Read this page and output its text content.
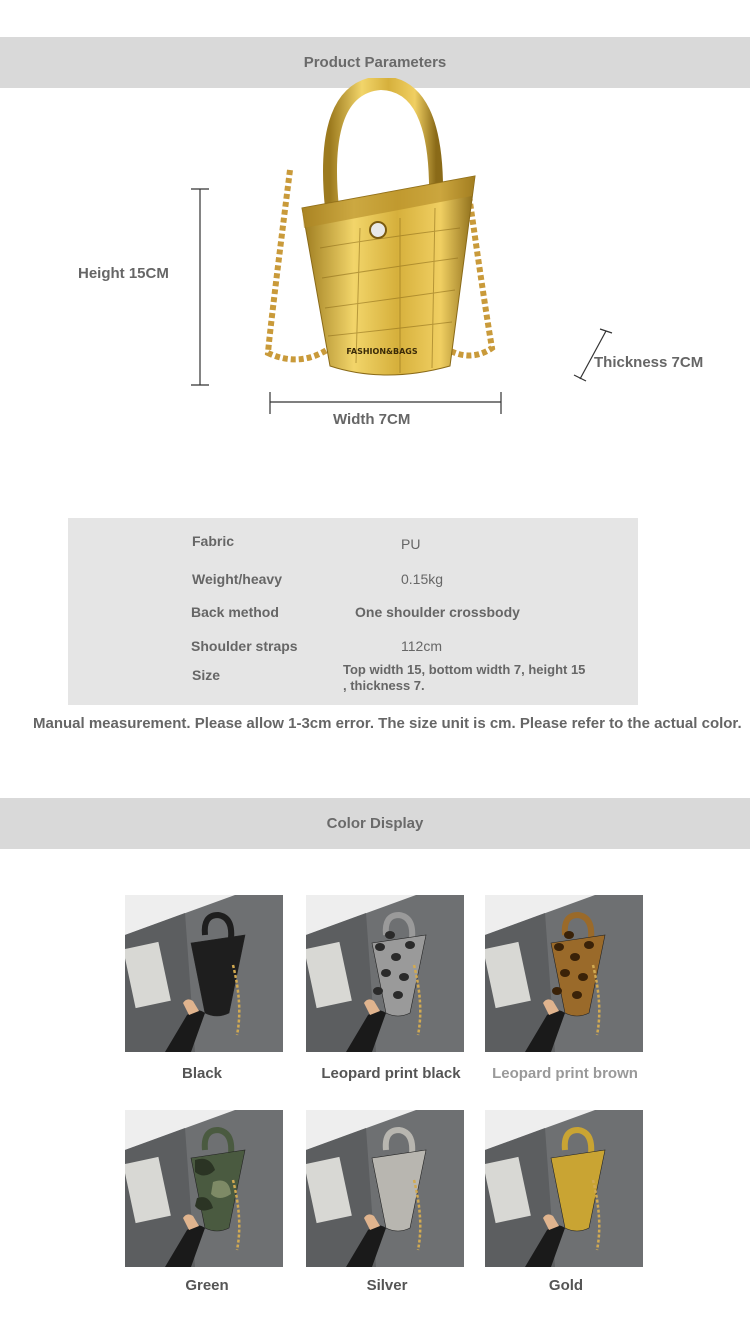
Product Parameters
Height 15CM
FASHION&BAGS
Width 7CM
Thickness 7CM
Fabric	PU
Weight/heavy	0.15kg
Back method	One shoulder crossbody
Shoulder straps	112cm
Size	Top width 15, bottom width 7, height 15
, thickness 7.
Manual measurement. Please allow 1-3cm error. The size unit is cm. Please refer to the actual color.
Color Display
Black	Leopard print black	Leopard print brown
Green	Silver	Gold
